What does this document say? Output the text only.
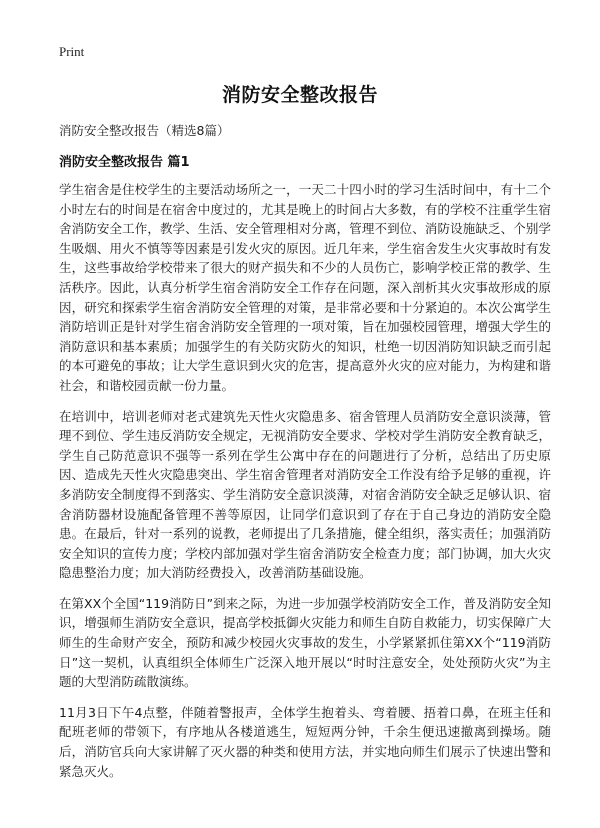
Print
消防安全整改报告
消防安全整改报告（精选8篇）
消防安全整改报告 篇1

学生宿舍是住校学生的主要活动场所之一，一天二十四小时的学习生活时间中，有十二个小时左右的时间是在宿舍中度过的，尤其是晚上的时间占大多数，有的学校不注重学生宿舍消防安全工作，教学、生活、安全管理相对分离，管理不到位、消防设施缺乏、个别学生吸烟、用火不慎等等因素是引发火灾的原因。近几年来，学生宿舍发生火灾事故时有发生，这些事故给学校带来了很大的财产损失和不少的人员伤亡，影响学校正常的教学、生活秩序。因此，认真分析学生宿舍消防安全工作存在问题，深入剖析其火灾事故形成的原因，研究和探索学生宿舍消防安全管理的对策，是非常必要和十分紧迫的。本次公寓学生消防培训正是针对学生宿舍消防安全管理的一项对策，旨在加强校园管理，增强大学生的消防意识和基本素质；加强学生的有关防灾防火的知识，杜绝一切因消防知识缺乏而引起的本可避免的事故；让大学生意识到火灾的危害，提高意外火灾的应对能力，为构建和谐社会，和谐校园贡献一份力量。

在培训中，培训老师对老式建筑先天性火灾隐患多、宿舍管理人员消防安全意识淡薄，管理不到位、学生违反消防安全规定，无视消防安全要求、学校对学生消防安全教育缺乏，学生自己防范意识不强等一系列在学生公寓中存在的问题进行了分析，总结出了历史原因、造成先天性火灾隐患突出、学生宿舍管理者对消防安全工作没有给予足够的重视，许多消防安全制度得不到落实、学生消防安全意识淡薄，对宿舍消防安全缺乏足够认识、宿舍消防器材设施配备管理不善等原因，让同学们意识到了存在于自己身边的消防安全隐患。在最后，针对一系列的说教，老师提出了几条措施，健全组织，落实责任；加强消防安全知识的宣传力度；学校内部加强对学生宿舍消防安全检查力度；部门协调，加大火灾隐患整治力度；加大消防经费投入，改善消防基础设施。

在第XX个全国“119消防日”到来之际，为进一步加强学校消防安全工作，普及消防安全知识，增强师生消防安全意识，提高学校抵御火灾能力和师生自防自救能力，切实保障广大师生的生命财产安全，预防和减少校园火灾事故的发生，小学紧紧抓住第XX个“119消防日”这一契机，认真组织全体师生广泛深入地开展以“时时注意安全，处处预防火灾”为主题的大型消防疏散演练。

11月3日下午4点整，伴随着警报声，全体学生抱着头、弯着腰、捂着口鼻，在班主任和配班老师的带领下，有序地从各楼道逃生，短短两分钟，千余生便迅速撤离到操场。随后，消防官兵向大家讲解了灭火器的种类和使用方法，并实地向师生们展示了快速出警和紧急灭火。
